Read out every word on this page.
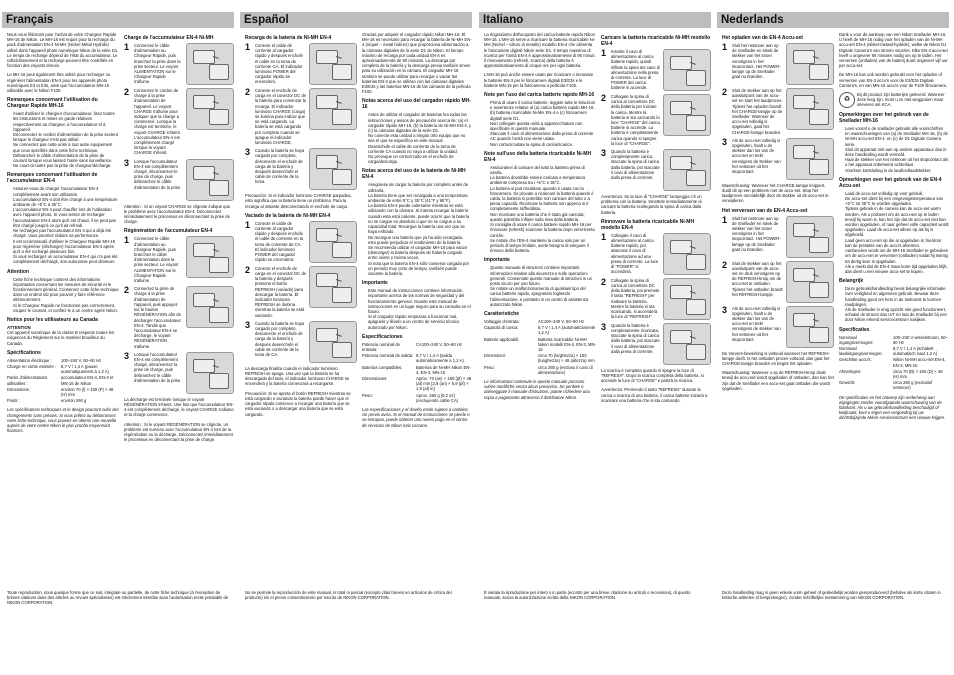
Français

Nous vous félicitons pour l'achat de votre Chargeur Rapide MH-16 de Nikon. Le MH-16 est requis pour la recharge du pack d'alimentation EN-4 Ni-MH (Nickel Métal Hydride) utilisé dans l'appareil photo numérique Nikon de la série D1. Le temps de recharge dépend de l'état du accumulateur. Le rafraîchissement et la recharge peuvent être contrôlés en fonction des voyants témoin.

Le MH-16 peut également être utilisé pour recharger ou régénérer l'alimentation EN-3 pour les appareils photo numériques E3 et E3s, ainsi que l'accumulateur MN-15 utilisable avec le Nikon F100.

Remarques concernant l'utilisation du Chargeur Rapide MH-16
• Avant d'utiliser le chargeur d'accumulateur, lisez toutes les instructions et mises en garde relatives respectivement au chargeur, à l'accumulateur et à l'appareil.
• Déconnectez le cordon d'alimentation de la prise secteur lorsque le chargeur n'est pas utilisé.
• Ne connectez pas cette unité à tout autre équipement que ceux spécifiés dans cette fiche technique.
• Débranchez le câble d'alimentation de la prise de courant lorsque vous laissez l'unité sans surveillance.
• Ne court-circuitez pas la prise de chargeur/décharge.
Remarques concernant l'utilisation de l'accumulateur EN-4
• Assurez-vous de charger l'accumulateur EN-4 complètement avant son utilisation.
• L'accumulateur EN-4 doit être chargé à une température ambiante de +5°C à 35°C.
• L'accumulateur EN-4 peut chauffer lors de l'utilisation avec l'appareil photo. Si vous tentez de recharger l'accumulateur EN-4 alors qu'il est chaud, il ne peut pas être chargé jusqu'à ce qu'il ait refroidi.
• Ne rechargez pas l'accumulateur EN-4 qui a déjà été chargé. Vous pourriez réduire sa performance.
• Il est recommandé d'utiliser le Chargeur Rapide MH-16 pour régénérer (décharger) l'accumulateur EN-4 après qu'il a été rechargé plusieurs fois.
• Si vous rechargez un accumulateur EN-4 qui n'a pas été complètement déchargé, son autonomie peut diminuer.
Attention
• Cette fiche technique contient des informations importantes concernant les mesures de sécurité et le fonctionnement général. Conservez cette fiche technique dans un endroit sûr pour pouvoir y faire référence ultérieurement.
• Si le Chargeur Rapide ne fonctionne pas correctement, coupez le courant, et confiez-le à un centre agréé Nikon.
Notice pour les utilisateurs au Canada

ATTENTION

Cet appareil numérique de la classe B respecte toutes les exigences du Règlement sur le matériel brouilleur du Canada.

Spécifications
Alimentation électrique :	100–240 V, 50–60 Hz
Charge en sortie estimée :	8,7 V / 1,4 A (pause automatiquement à 1,2 A)
Packs d'alimentations utilisables :
accumulateur EN-4, EN-3 et MN-15 de Nikon
Dimensions :	environ 70 (l) × 150 (P) × 48 (H) mm
Poids :	environ 260 g

Les spécifications techniques et le design pourront subir des changements sans préavis. Si vous prêtez ou débarrassez votre fiche technique, vous pouvez en obtenir une nouvelle auprès de votre centre Nikon le plus proche moyennant finances.

Charge de l'accumulateur EN-4 Ni-MH
1	Connectez le câble d'alimentation au Chargeur Rapide, puis branchez la prise dans la prise secteur. Le voyant ALIMENTATION sur le Chargeur Rapide s'allume.
2	Connectez le cordon de charge à la prise d'alimentation de l'appareil. Le voyant CHARGE s'allume pour indiquer que la charge a commencé. Lorsque la charge est terminée, le voyant CHARGE s'éteint. L'accumulateur EN-4 est complètement chargé lorsque le voyant CHARGE s'éteint.
3	Lorsque l'accumulateur EN-4 est complètement chargé, déconnectez-le prise de charge, puis débranchez le câble d'alimentation de la prise.

Attention : Si un voyant CHARGE se clignote indique que le problème avec l'accumulateur EN-4. Déconnectez immédiatement le processus en déconnectant la prise de charge.

Régénération de l'accumulateur EN-4
1	Connectez le câble d'alimentation au Chargeur Rapide, puis branchez le câble d'alimentation dans la prise secteur. Le voyant ALIMENTATION sur le Chargeur Rapide s'allume.
2	Connectez la prise de charge à la prise d'alimentation de l'appareil, puis appuyez sur le bouton RÉGÉNÉRATION afin de décharger l'accumulateur EN-4. Tandis que l'accumulateur EN-4 se décharge, le voyant RÉGÉNÉRATION s'allume.
3	Lorsque l'accumulateur EN-4 est complètement chargé, déconnectez la prise de charge, puis débranchez le câble d'alimentation de la prise.

La décharge est terminée lorsque le voyant RÉGÉNÉRATION s'éteint. Une fois que l'accumulateur EN-4 est complètement déchargé, le voyant CHARGE s'allume et la charge commence.

Attention : Si le voyant RÉGÉNÉRATION se clignote, un problème est survenu avec l'accumulateur EN-4 lors de la régénération ou la décharge. Déconnectez immédiatement le processus en déconnectant la prise de charge.

Toute reproduction, sous quelque forme que ce soit, intégrale ou partielle, de cette fiche technique (à l'exception de brèves citations dans des articles ou revues spécialisées) est strictement interdite sans l'autorisation écrite préalable de NIKON CORPORATION.
Español
Recarga de la batería de Ni-MH EN-4
1	Conecte el cable de corriente al cargador rápido y después enchufe el cable en la toma de corriente CA. El indicador luminoso POWER del cargador rápido se encenderá.
2	Conecte el enchufe de carga en el conector DC de la batería para comenzar la recarga. El indicador luminoso CHARGE (carga) se ilumina para indicar que se está cargando. La batería se está cargando por completo cuando se apague el indicador luminoso CHARGE.
3	Cuando la batería se haya cargado por completo, desconecte el enchufe de carga de la batería y después desenchufe el cable de corriente de la toma.

Precaución: Si el indicador luminoso CHARGE parpadea, esto significa que la batería tiene un problema. Para la recarga al instante desconectando el enchufe de carga.

Vaciado de la batería de Ni-MH EN-4
1	Conecte el cable de corriente al cargador rápido y después enchufe el cable de corriente en la toma de corriente de CA. El indicador luminoso POWER del cargador rápido se encenderá.
2	Conecte el enchufe de carga en el conector DC de la batería y después presione el botón REFRESH (vaciado) para descargar la batería. El indicador luminoso REFRESH se ilumina mientras la batería se está vaciando.
3	Cuando la batería se haya cargado por completo, desconecte el enchufe de carga de la batería y después desenchufe el cable de corriente de la toma de CA.

La descarga finaliza cuando el indicador luminoso REFRESH se apaga. Una vez que la batería se ha descargado del todo, el indicador luminoso CHARGE se encenderá y la batería comenzará a recargarse.

Precaución: Si se apreta el botón REFRESH mientras se está cargando o vaciando la batería puede hacer que el cargador rápido comience a recargar una batería que se está vaciando o a descargar una batería que se está cargando.

Gracias por adquirir el cargador rápido Nikon MH-16. El MH-16 es necesario para recargar la batería de Ni-MH EN-4 (níquel – metal hidruro) que proporciona alimentación a la cámaras digitales de la serie D1 de Nikon. El tiempo máximo de recarga por cada unidad EN-4 es aproximadamente de 90 minutos. La descarga por completo de la batería y la descarga previa también sirven para su utilización en la cámara. El cargador MH-16 también se puede utilizar para recargar o vaciar las baterías EN-3 que se utilizan con las cámaras digitales E3/E3s y las baterías MN-15 de las cámaras de la película F100.

Notas acerca del uso del cargador rápido MH-16
• Antes de utilizar el cargador de baterías lea todas las instrucciones y avisos de precaución acerca de: (a) el cargador rápido MH-16, (b) la batería de Ni-MH EN-4, y (c) la cámaras digitales de la serie D1.
• No conecte esta unidad a ningún otro equipo que no sea el que se especifica en este manual.
• Desenchufe el cable de corriente de la toma de corriente CA cuando no vaya a utilizar la unidad.
• No provoque un cortocircuito en el enchufe de carga/descarga.
Notas acerca del uso de la batería de Ni-MH EN-4
• Asegúrese de cargar la batería por completo antes de utilizarla.
• La batería tiene que ser recargada a una temperatura ambiente de entre 5°C y 35°C (41°F y 95°F).
• La batería EN-4 puede calentarse mientras se está utilizando con la cámara. Si intenta recargar la batería cuando esta está caliente, puede ocurrir que la batería no se cargue en absoluto o que no se cargue a su capacidad total. Recargue la batería una vez que se haya enfriado.
• No recargue una batería que ya ha sido recargada, esto puede perjudicar el rendimiento de la batería.
• Se recomienda utilizar el cargador MH-16 para vaciar (descargar) la batería después de haberla cargado entre veinte y treinta veces.
• Si nota que la batería EN-4 sólo conserva cargada por un periodo muy corto de tiempo, también puede vaciarse la batería.
Importante
• Este manual de instrucciones contiene información importante acerca de las normas de seguridad y del funcionamiento general. Guarde este manual de instrucciones en un lugar seguro para su consulta en el futuro.
• Si el cargador rápido empezara a funcionar mal, apáguelo y llévelo a un centro de servicio técnico autorizado por Nikon.
Especificaciones
Potencia nominal de entrada:
CA100–240 V, 50–60 Hz
Potencia nominal de salida: 8,7 V / 1,4 A (salida automáticamente a 1,2 A)
Baterías compatibles:	Baterías de Ni-MH Nikon EN-4, EN-3, MN-15
Dimensiones:	Aprox. 70 (an) × 150 (pf) × 48 (al) mm [2,8 (an) × 5,9 (pf) × 1,9 (al) in]
Peso:	Aprox. 260 g [9,2 oz] (excluyendo cable CA)

Las especificaciones y el diseño están sujetos a cambios sin previo aviso. Si el manual de instrucciones se pierde o se estropea, puede obtener uno nuevo pago en el centro de servicios de Nikon más cercano.

No se permite la reproducción de este manual, ni total ni parcial (excepto citas breves en artículos de crítica del producto) sin el previo consentimiento por escrito de NIKON CORPORATION.
Italiano

La ringraziamo dell'acquisto del carica-batterie rapido Nikon MH-16. L'MH-16 serve a ricaricare la batteria ricaricabile Ni-MH (Nichel – Idruro di metallo) modello EN-4 che alimenta le fotocamere digitali Nikon serie D1. Il tempo massimo di ricarica per l'unità EN-4 è approssimativamente di 90 minuti. Il rinnovamento (refresh, scarica) della batteria è approssimativamente di cinque ore per ogni batteria.

L'MH-16 può anche essere usato per ricaricare o rinnovare le batterie EN-3 per le fotocamere digitali E3/E3s e le batterie MN-15 per la fotocamera a pellicola F100.

Note per l'uso del carica batterie rapido MH-16
• Prima di usare il carica batterie, leggete tutte le istruzioni e avvertenze relative al (a) carica batterie rapido MH-16, (b) batteria ricaricabile Ni-MH EN-4 e (c) fotocamere digitali serie D1.
• Non collegate questa unità a apparecchiature non specificate in questo manuale.
• Staccate il cavo di alimentazione dalla presa di corrente AC quando l'unità non viene usata.
• Non cortocircuitate la spina di carica/scarica.
Note sull'uso della batteria ricaricabile Ni-MH EN-4
• Assicuratevi di caricare del tutto la batteria prima di usarla.
• La batteria dovrebbe essere caricata a temperatura ambiente compresa tra i +5°C e 35°C.
• La batteria si può riscaldare quando è usata con la fotocamera. Se provate a ricaricare la batteria quando è calda, la batteria si potrebbe non caricare del tutto o a piena capacità. Ricaricate la batteria non appena si è completamente raffreddata.
• Non ricaricate una batteria che è stata già caricata; questo potrebbe influire sulla resa della batteria.
• Si consiglia di usare il carica batterie rapido MH-16 per rinnovare (refresh) scaricare la batteria dopo venti-trenta cariche.
• Se notate che l'EN-4 mantiene la carica solo per un periodo di tempo limitato, avete bisogno di eseguire il rinnovo della batteria.
Importante
• Questo manuale di istruzioni contiene importanti informazioni relative alla sicurezza e sulle operazioni generali. Conservate questo manuale di istruzioni in un posto sicuro per uso futuro.
• Se notate un malfunzionamento di qualsiasi tipo del carica batterie rapido, spegnetelo togliendo l'alimentazione, e portatelo in un centro di assistenza autorizzato Nikon.
Caratteristiche
Voltaggio d'entrata:	AC100–240 V, 50–60 Hz
Capacità di carica:	8,7 V / 1,4 A (automaticamente 1,2 A)
Batterie applicabili:	Batteria ricaricabile Ni-MH Nikon modelli EN-4, EN-3, MN-15
Dimensioni:	circa 70 (larghezza) × 150 (lunghezza) × 48 (altezza) mm
Peso:	circa 260 g (escluso il cavo di alimentazione)

Le informazioni contenute in questo manuale possono subire modifiche senza alcun preavviso. Se perdete o danneggiate il manuale d'istruzioni, potete richiedere una copia a pagamento attraverso il distributore Nikon.

Caricare la batteria ricaricabile Ni-MH modello EN-4
1	Inserite il cavo di alimentazione al carica batterie rapido, quindi infilate la spina del cavo di alimentazione nella presa di corrente. La luce di POWER del carica batterie si accende.
2	Collegate la spina di carica al connettore DC della batteria per iniziare la carica. Mentre la batteria si sta caricando la luce "CHARGE" del carica batterie si accende. La batteria è completamente carica quando si spegne la luce di "CHARGE".
3	Quando la batteria è completamente carica, staccate la spina di carica dalla batteria, poi staccate il cavo di alimentazione dalla presa di corrente.

Avvertenza: Se la luce di "CHARGE" lampeggia c'è un problema con la batteria. Smettete immediatamente di caricare la batteria scollegando la spina di carica dalla batteria.

Rinnovare la batteria ricaricabile Ni-MH modello EN-4
1	Collegate il cavo di alimentazione al carica batterie rapido, poi attaccate il cavo di alimentazione ad una presa di corrente. La luce di "POWER" si accenderà.
2	Collegate la spina di carica al connettore DC della batteria, poi premete il tasto "REFRESH" per riattivare la batteria. Mentre la batteria si sta scaricando, si accenderà la luce di "REFRESH".
3	Quando la batteria è completamente ricaricata, staccate la spina di carica dalla batteria, poi staccate il cavo di alimentazione dalla presa di corrente.

La scarica è completa quando si spegne la luce di "REFRESH". Dopo la scarica completa della batteria, si accende la luce di "CHARGE" e partirà la ricarica.

Avvertenza: Premendo il tasto "REFRESH" durante la carica o scarica di una batteria, il carica batterie inizierà a scaricare una batteria che si sta caricando.

È vietata la riproduzione per intero o in parte (eccetto per una breve citazione su articoli o recensioni), di questo manuale, senza la autorizzazione scritta della NIKON CORPORATION.
Nederlands
Het opladen van de EN-4 Accu-set
1	Sluit het netsnoer aan op de Snellader en steek de stekker van het snoer vervolgens in het stopcontact. Het POWER-lampje op de Snellader gaat nu branden.
2	Sluit de stekker aan op het aansluitpunt van de accu-set en start het laadproces. Tijdens het opladen brandt het CHARGE-lampje op de Snellader. Wanneer de accu-set volledig is opgeladen, gaat het CHARGE-lampje branden.
3	Als de accu-set volledig is opgeladen, haalt u de stekker dan los van de accu-set en trekt vervolgens de stekker van het netsnoer uit het stopcontact.

Waarschuwing: Wanneer het CHARGE-lampje knippert, duidt dit op een probleem met de accu-set. Stop het laadproces onmiddellijk door de stekker uit de accu-set te verwijderen.

Het verversen van de EN-4 Accu-set
1	Sluit het netsnoer aan op de Snellader en steek de stekker van het snoer vervolgens in het stopcontact. Het POWER-lampje op de Snellader gaat nu branden.
2	Sluit de stekker aan op het aansluitpunt van de accu-set en druk vervolgens op de REFRESH-knop om de accu-set te ontladen. Tijdens het ontladen brandt het REFRESH-lampje.
3	Als de accu-set volledig is opgeladen, haalt u de stekker dan los van de accu-set en trekt vervolgens de stekker van het netsnoer uit het stopcontact.

De Ververs-bewerking is voltooid wanneer het REFRESH-lampje dooft. Is het ontladen proces voltooid, dan gaat het CHARGE-lampje branden en begint het opladen.

Waarschuwing: Wanneer u op de REFRESH-knop drukt terwijl de accu-set wordt opgeladen of ontladen, dan kan het zijn dat de Snellader een accu-set gaat ontladen die wordt opgeladen.

Dank u voor de aankoop van een Nikon Snellader MH-16. U heeft de MH-16 nodig voor het opladen van de Ni-MH accu-set EN-4 (nikkel-metaal-hydride), welke de Nikon D1 Digitale Camera's van stroom voorziet. Elke EN-4 accu-set heeft u ongeveer 90 minuten nodig om op te laden. Het verversen (ontladen) van de batterij duurt ongeveer vijf uur per accu-set.

De MH-16 kan ook worden gebruikt voor het opladen of verversen van EN-3 accu's voor de E3/E3s Digitale Camera's, en van MN-15 accu's voor de F100 filmcamera.

♻
Bij dit product zijn batterijen geleverd. Wanneer deze leeg zijn, moet u ze niet weggooien maar inleveren als KCA.
Opmerkingen over het gebruik van de Snellader MH-16
• Lees vooraf u de snellader gebruikt alle voorschriften en waarschuwingen van (a) de Snellader MH-16, (b) de Ni-MH accu-set EN-4, en (c) de D1 Digitale Camera serie.
• Sluit dit apparaat niet aan op andere apparatuur dan in deze handleiding wordt vermeld.
• Haal de stekker van het netsnoer uit het stopcontact als u het apparaat onbeheerd achterlaat.
• Voorkom kortsluiting in de laad/ontlaadstekker.
Opmerkingen over het gebruik van de EN-4 Accu-set
• Laad de accu-set volledig op voor gebruik.
• De accu-set dient bij een omgevingstemperatuur van +5°C tot 35°C te worden opgeladen.
• Tijdens gebruik in de camera kan de accu-set warm worden. Als u probeert om de accu-set op te laden terwijl hij warm is, kan het zijn dat de accu-set niet kan worden opgeladen, of naar geheel volle capaciteit wordt opgeladen. Laad de accu-set alleen op als hij is afgekoeld.
• Laad geen accu-set op die al opgeladen is; hierdoor kan de prestatie van de accu's afnemen.
• Aanbevolen wordt om de MH-16 Snellader te gebruiken om de accu-set te verversen (ontladen) nadat hij twintig tot dertig keer is opgeladen.
• Als u merkt dat de EN-4 maar korte tijd opgeladen blijft, dan dient u een nieuwe accu-set te kopen.
Belangrijk
• Deze gebruikshandleiding bevat belangrijke informatie over veiligheid en algemeen gebruik. Bewaar deze handleiding goed om hem in de toekomst te kunnen raadplegen.
• Als de Snellader in enig opzicht niet goed functioneert, schakel de stroom dan UIT en laat de Snellader bij een door Nikon erkend servicecentrum nakijken.
Specificaties
Nominaal ingangsvermogen:
100–240 V wisselstroom, 50–60 Hz
Nominaal laaduitgangsvermogen:
8,7 V / 1,4 A (schakelt automatisch naar 1,2 A)
Geschikte accu's:	Nikon Ni-MH accu-set EN-4, EN-3, MN-15
Afmetingen:	circa 70 (B) × 150 (D) × 48 (H) mm
Gewicht:	circa 260 g (exclusief netsnoer)

De specificaties en het ontwerp zijn onderhevig aan wijzigingen zonder voorafgaande waarschuwing van de fabrikant. Als u uw gebruikshandleiding beschadigd of kwijtraakt, kunt u tegen een vergoeding bij uw dichtstbijzijnde Nikon-servicecentrum een nieuwe krijgen.

Deze handleiding mag in geen enkele vorm geheel of gedeeltelijk worden gereproduceerd (behalve als korte citaten in kritische artikelen of besprekingen), zonder schriftelijke toestemming van NIKON CORPORATION.
